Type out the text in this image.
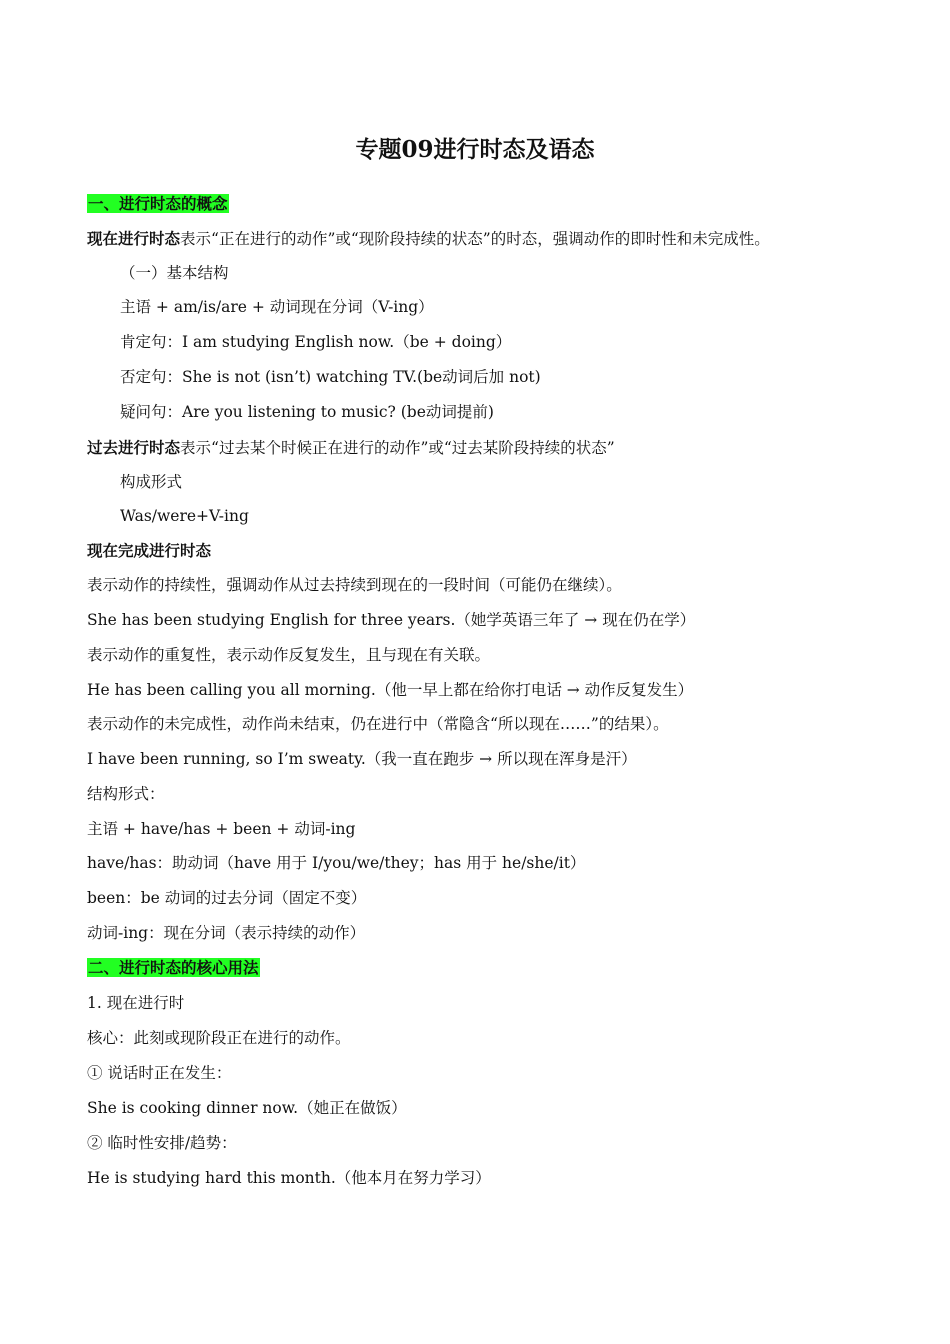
专题09进行时态及语态
一、进行时态的概念
现在进行时态表示“正在进行的动作”或“现阶段持续的状态”的时态，强调动作的即时性和未完成性。
（一）基本结构
主语 + am/is/are + 动词现在分词（V-ing）
肯定句：I am studying English now.（be + doing）
否定句：She is not (isn’t) watching TV.(be动词后加 not)
疑问句：Are you listening to music? (be动词提前)
过去进行时态表示“过去某个时候正在进行的动作”或“过去某阶段持续的状态”
构成形式
Was/were+V-ing
现在完成进行时态
表示动作的持续性，强调动作从过去持续到现在的一段时间（可能仍在继续）。
She has been studying English for three years.（她学英语三年了 → 现在仍在学）
表示动作的重复性，表示动作反复发生，且与现在有关联。
He has been calling you all morning.（他一早上都在给你打电话 → 动作反复发生）
表示动作的未完成性，动作尚未结束，仍在进行中（常隐含“所以现在……”的结果）。
I have been running, so I’m sweaty.（我一直在跑步 → 所以现在浑身是汗）
结构形式：
主语 + have/has + been + 动词-ing
have/has：助动词（have 用于 I/you/we/they；has 用于 he/she/it）
been：be 动词的过去分词（固定不变）
动词-ing：现在分词（表示持续的动作）
二、进行时态的核心用法
1. 现在进行时
核心：此刻或现阶段正在进行的动作。
① 说话时正在发生：
She is cooking dinner now.（她正在做饭）
② 临时性安排/趋势：
He is studying hard this month.（他本月在努力学习）
